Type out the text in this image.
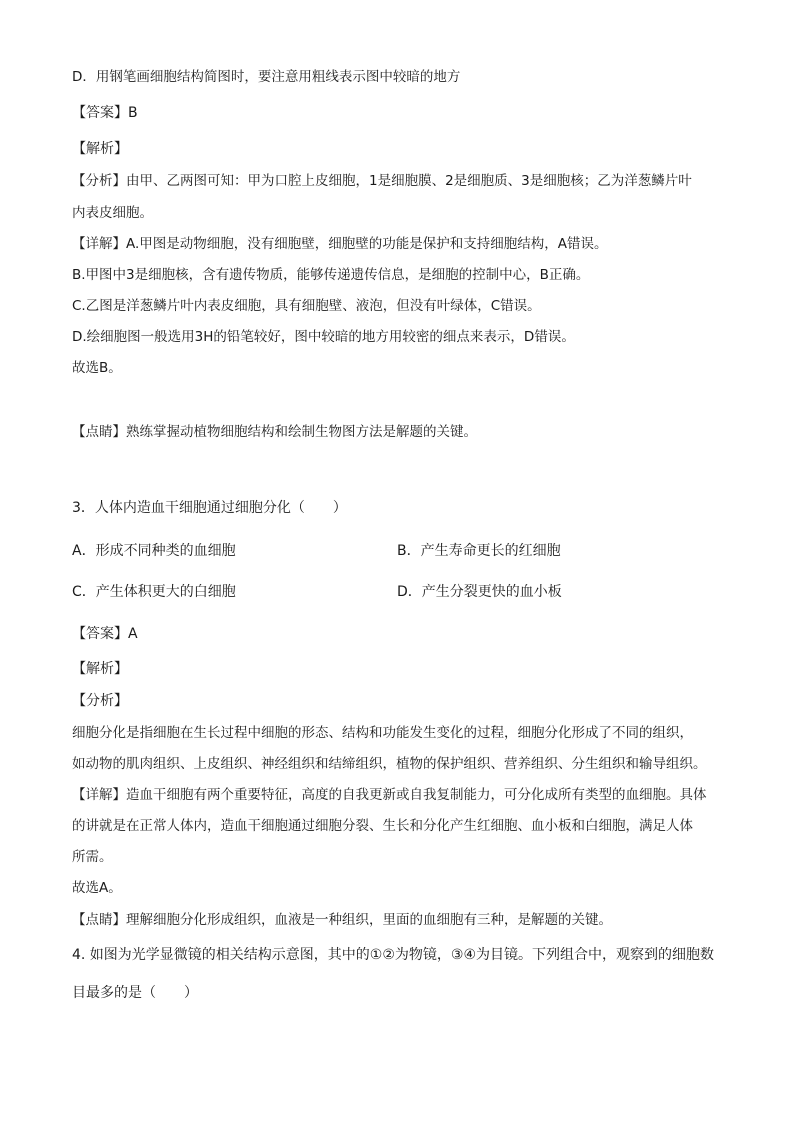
D．用钢笔画细胞结构简图时，要注意用粗线表示图中较暗的地方
【答案】B
【解析】
【分析】由甲、乙两图可知：甲为口腔上皮细胞，1是细胞膜、2是细胞质、3是细胞核；乙为洋葱鳞片叶
内表皮细胞。
【详解】A.甲图是动物细胞，没有细胞壁，细胞壁的功能是保护和支持细胞结构，A错误。
B.甲图中3是细胞核，含有遗传物质，能够传递遗传信息，是细胞的控制中心，B正确。
C.乙图是洋葱鳞片叶内表皮细胞，具有细胞壁、液泡，但没有叶绿体，C错误。
D.绘细胞图一般选用3H的铅笔较好，图中较暗的地方用较密的细点来表示，D错误。
故选B。
【点睛】熟练掌握动植物细胞结构和绘制生物图方法是解题的关键。
3．人体内造血干细胞通过细胞分化（　　）
A．形成不同种类的血细胞	B．产生寿命更长的红细胞
C．产生体积更大的白细胞	D．产生分裂更快的血小板
【答案】A
【解析】
【分析】
细胞分化是指细胞在生长过程中细胞的形态、结构和功能发生变化的过程，细胞分化形成了不同的组织，
如动物的肌肉组织、上皮组织、神经组织和结缔组织，植物的保护组织、营养组织、分生组织和输导组织。
【详解】造血干细胞有两个重要特征，高度的自我更新或自我复制能力，可分化成所有类型的血细胞。具体
的讲就是在正常人体内，造血干细胞通过细胞分裂、生长和分化产生红细胞、血小板和白细胞，满足人体
所需。
故选A。
【点睛】理解细胞分化形成组织，血液是一种组织，里面的血细胞有三种，是解题的关键。
4. 如图为光学显微镜的相关结构示意图，其中的①②为物镜，③④为目镜。下列组合中，观察到的细胞数
目最多的是（　　）
